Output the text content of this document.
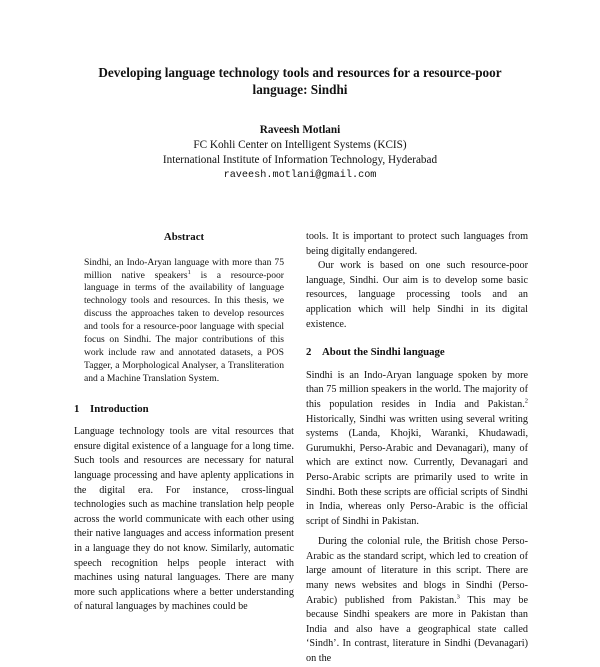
Developing language technology tools and resources for a resource-poor
language: Sindhi
Raveesh Motlani
FC Kohli Center on Intelligent Systems (KCIS)
International Institute of Information Technology, Hyderabad
raveesh.motlani@gmail.com
Abstract

Sindhi, an Indo-Aryan language with more than 75 million native speakers$^1$ is a resource-poor language in terms of the availability of language technology tools and resources. In this thesis, we discuss the approaches taken to develop resources and tools for a resource-poor language with special focus on Sindhi. The major contributions of this work include raw and annotated datasets, a POS Tagger, a Morphological Analyser, a Transliteration and a Machine Translation System.

1 Introduction

Language technology tools are vital resources that ensure digital existence of a language for a long time. Such tools and resources are necessary for natural language processing and have aplenty applications in the digital era. For instance, cross-lingual technologies such as machine translation help people across the world communicate with each other using their native languages and access information present in a language they do not know. Similarly, automatic speech recognition helps people interact with machines using natural languages. There are many more such applications where a better understanding of natural languages by machines could be

tools. It is important to protect such languages from being digitally endangered.

Our work is based on one such resource-poor language, Sindhi. Our aim is to develop some basic resources, language processing tools and an application which will help Sindhi in its digital existence.

2 About the Sindhi language

Sindhi is an Indo-Aryan language spoken by more than 75 million speakers in the world. The majority of this population resides in India and Pakistan.$^2$ Historically, Sindhi was written using several writing systems (Landa, Khojki, Waranki, Khudawadi, Gurumukhi, Perso-Arabic and Devanagari), many of which are extinct now. Currently, Devanagari and Perso-Arabic scripts are primarily used to write in Sindhi. Both these scripts are official scripts of Sindhi in India, whereas only Perso-Arabic is the official script of Sindhi in Pakistan.

During the colonial rule, the British chose Perso-Arabic as the standard script, which led to creation of large amount of literature in this script. There are many news websites and blogs in Sindhi (Perso-Arabic) published from Pakistan.$^3$ This may be because Sindhi speakers are more in Pakistan than India and also have a geographical state called ‘Sindh’. In contrast, literature in Sindhi (Devanagari) on the
